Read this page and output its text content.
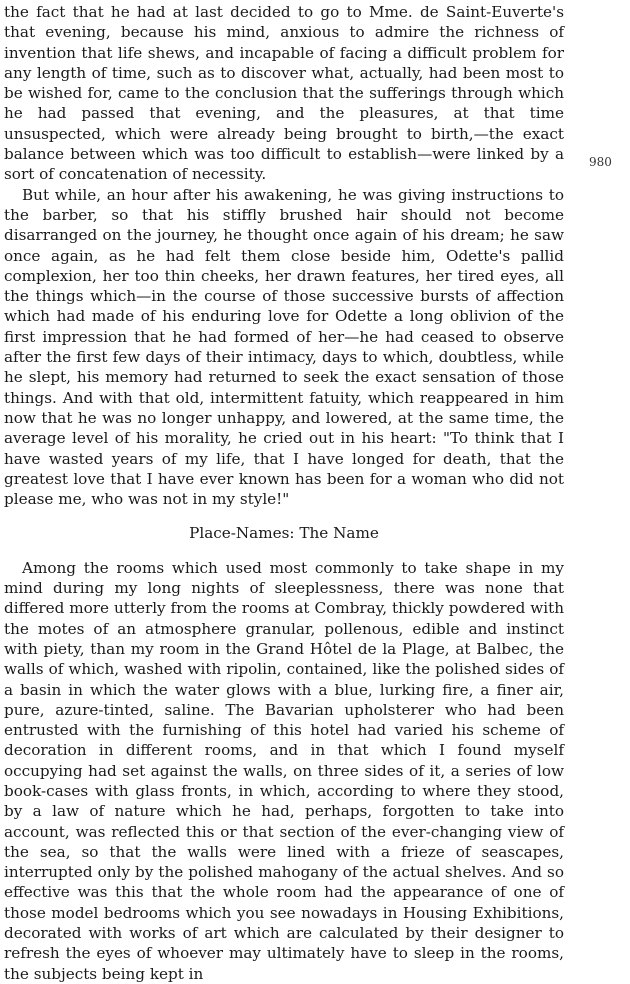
the fact that he had at last decided to go to Mme. de Saint-Euverte's that evening, because his mind, anxious to admire the richness of invention that life shews, and incapable of facing a difficult problem for any length of time, such as to discover what, actually, had been most to be wished for, came to the conclusion that the sufferings through which he had passed that evening, and the pleasures, at that time unsuspected, which were already being brought to birth,—the exact balance between which was too difficult to establish—were linked by a sort of concatenation of necessity.

But while, an hour after his awakening, he was giving instructions to the barber, so that his stiffly brushed hair should not become disarranged on the journey, he thought once again of his dream; he saw once again, as he had felt them close beside him, Odette's pallid complexion, her too thin cheeks, her drawn features, her tired eyes, all the things which—in the course of those successive bursts of affection which had made of his enduring love for Odette a long oblivion of the first impression that he had formed of her—he had ceased to observe after the first few days of their intimacy, days to which, doubtless, while he slept, his memory had returned to seek the exact sensation of those things. And with that old, intermittent fatuity, which reappeared in him now that he was no longer unhappy, and lowered, at the same time, the average level of his morality, he cried out in his heart: "To think that I have wasted years of my life, that I have longed for death, that the greatest love that I have ever known has been for a woman who did not please me, who was not in my style!"

Place-Names: The Name

Among the rooms which used most commonly to take shape in my mind during my long nights of sleeplessness, there was none that differed more utterly from the rooms at Combray, thickly powdered with the motes of an atmosphere granular, pollenous, edible and instinct with piety, than my room in the Grand Hôtel de la Plage, at Balbec, the walls of which, washed with ripolin, contained, like the polished sides of a basin in which the water glows with a blue, lurking fire, a finer air, pure, azure-tinted, saline. The Bavarian upholsterer who had been entrusted with the furnishing of this hotel had varied his scheme of decoration in different rooms, and in that which I found myself occupying had set against the walls, on three sides of it, a series of low book-cases with glass fronts, in which, according to where they stood, by a law of nature which he had, perhaps, forgotten to take into account, was reflected this or that section of the ever-changing view of the sea, so that the walls were lined with a frieze of seascapes, interrupted only by the polished mahogany of the actual shelves. And so effective was this that the whole room had the appearance of one of those model bedrooms which you see nowadays in Housing Exhibitions, decorated with works of art which are calculated by their designer to refresh the eyes of whoever may ultimately have to sleep in the rooms, the subjects being kept in

980
